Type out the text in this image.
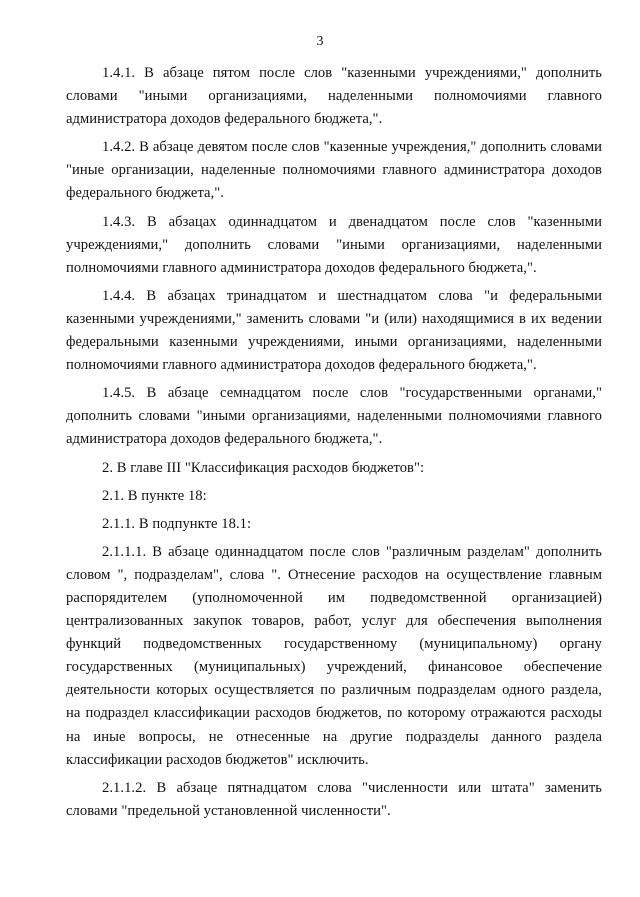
3

1.4.1. В абзаце пятом после слов "казенными учреждениями," дополнить словами "иными организациями, наделенными полномочиями главного администратора доходов федерального бюджета,".

1.4.2. В абзаце девятом после слов "казенные учреждения," дополнить словами "иные организации, наделенные полномочиями главного администратора доходов федерального бюджета,".

1.4.3. В абзацах одиннадцатом и двенадцатом после слов "казенными учреждениями," дополнить словами "иными организациями, наделенными полномочиями главного администратора доходов федерального бюджета,".

1.4.4. В абзацах тринадцатом и шестнадцатом слова "и федеральными казенными учреждениями," заменить словами "и (или) находящимися в их ведении федеральными казенными учреждениями, иными организациями, наделенными полномочиями главного администратора доходов федерального бюджета,".

1.4.5. В абзаце семнадцатом после слов "государственными органами," дополнить словами "иными организациями, наделенными полномочиями главного администратора доходов федерального бюджета,".

2. В главе III "Классификация расходов бюджетов":

2.1. В пункте 18:

2.1.1. В подпункте 18.1:

2.1.1.1. В абзаце одиннадцатом после слов "различным разделам" дополнить словом ", подразделам", слова ". Отнесение расходов на осуществление главным распорядителем (уполномоченной им подведомственной организацией) централизованных закупок товаров, работ, услуг для обеспечения выполнения функций подведомственных государственному (муниципальному) органу государственных (муниципальных) учреждений, финансовое обеспечение деятельности которых осуществляется по различным подразделам одного раздела, на подраздел классификации расходов бюджетов, по которому отражаются расходы на иные вопросы, не отнесенные на другие подразделы данного раздела классификации расходов бюджетов" исключить.

2.1.1.2. В абзаце пятнадцатом слова "численности или штата" заменить словами "предельной установленной численности".
